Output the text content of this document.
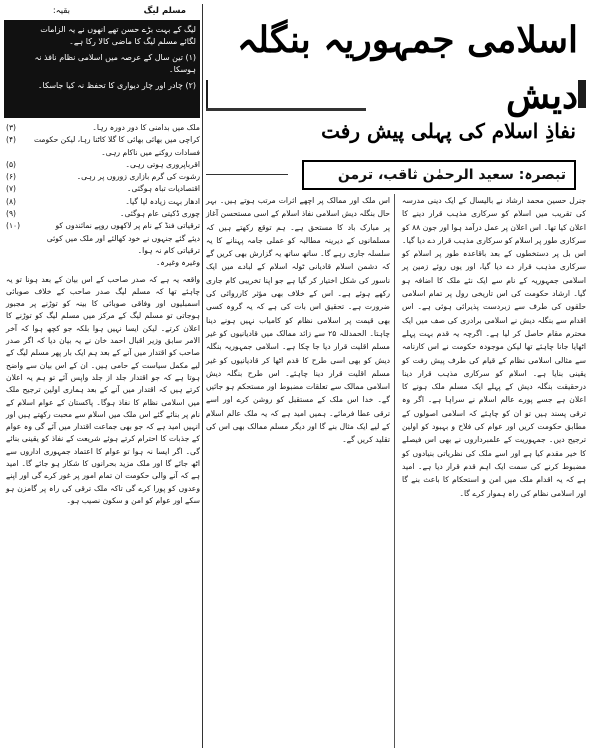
مسلم لیگ
بقیہ:

لیگ کے بہت بڑے حسن تھے انھوں نے یہ الزامات

لگائے مسلم لیگ کا ماضی کالا رکا ہے۔

(۱) تین سال کے عرصہ میں اسلامی نظام نافذ نہ ہوسکا۔

(۲) چادر اور چار دیواری کا تحفظ نہ کیا جاسکا۔

(۳)	ملک میں بدامنی کا دور دورہ رہا۔

(۴)	کراچی میں بھائی بھائی کا گلا کاٹنا رہا، لیکن حکومت

فسادات روکنے میں ناکام رہی۔

(۵)	اقرباپروری ہوتی رہی۔

(۶)	رشوت کی گرم بازاری زوروں پر رہی۔

(۷)	اقتصادیات تباہ ہوگئی۔

(۸)	ادھار بہت زیادہ لیا گیا۔

(۹)	چوری ڈکیتی عام ہوگئی۔

(۱۰)	ترقیاتی فنڈ کے نام پر لاکھوں روپے نمائندوں کو

دیئے گئے جنہوں نے خود کھالئے اور ملک میں کوئی ترقیاتی کام نہ ہوا۔

وغیرہ وغیرہ۔

واقعہ یہ ہے کہ صدر صاحب کے اس بیان کے بعد ہونا تو یہ چاہئے تھا کہ مسلم لیگ صدر صاحب کے خلاف صوبائی اسمبلیوں اور وفاقی صوبائی کا بینہ کو توڑنے پر مجبور ہوجاتی تو مسلم لیگ کے مرکز میں مسلم لیگ کو توڑنے کا اعلان کرتے۔ لیکن ایسا نہیں ہوا بلکہ جو کچھ ہوا کہ آخر الامر سابق وزیر اقبال احمد خان نے یہ بیان دیا کہ اگر صدر صاحب کو اقتدار میں آنے کے بعد ہم ایک بار پھر مسلم لیگ کے لیے مکمل سیاست کے حامی ہیں۔ ان کے اس بیان سے واضح ہوتا ہے کہ جو اقتدار جلد از جلد واپس آئے تو ہم یہ اعلان کرتے ہیں کہ اقتدار میں آنے کے بعد ہماری اولین ترجیح ملک میں اسلامی نظام کا نفاذ ہوگا۔ پاکستان کے عوام اسلام کے نام پر بنائے گئے اس ملک میں اسلام سے محبت رکھتے ہیں اور انہیں امید ہے کہ جو بھی جماعت اقتدار میں آئے گی وہ عوام کے جذبات کا احترام کرتے ہوئے شریعت کے نفاذ کو یقینی بنائے گی۔ اگر ایسا نہ ہوا تو عوام کا اعتماد جمہوری اداروں سے اٹھ جائے گا اور ملک مزید بحرانوں کا شکار ہو جائے گا۔ امید ہے کہ آنے والی حکومت ان تمام امور پر غور کرے گی اور اپنے وعدوں کو پورا کرے گی تاکہ ملک ترقی کی راہ پر گامزن ہو سکے اور عوام کو امن و سکون نصیب ہو۔

اسلامی جمہوریہ بنگلہ دیش
نفاذِ اسلام کی پہلی پیش رفت
تبصرہ: سعید الرحمٰن ثاقب، ترمن

جنرل حسین محمد ارشاد نے بالیسال کے ایک دینی مدرسہ کی تقریب میں اسلام کو سرکاری مذہب قرار دینے کا اعلان کیا تھا۔ اس اعلان پر عمل درآمد ہوا اور جون ۸۸ کو سرکاری طور پر اسلام کو سرکاری مذہب قرار دے دیا گیا۔ اس بل پر دستخطوں کے بعد باقاعدہ طور پر اسلام کو سرکاری مذہب قرار دے دیا گیا، اور یوں روئے زمین پر اسلامی جمہوریہ کے نام سے ایک نئے ملک کا اضافہ ہو گیا۔ ارشاد حکومت کی اس تاریخی رول پر تمام اسلامی حلقوں کی طرف سے زبردست پذیرائی ہوئی ہے۔ اس اقدام سے بنگلہ دیش نے اسلامی برادری کی صف میں ایک محترم مقام حاصل کر لیا ہے۔ اگرچہ یہ قدم بہت پہلے اٹھایا جانا چاہئے تھا لیکن موجودہ حکومت نے اس کارنامہ سے مثالی اسلامی نظام کے قیام کی طرف پیش رفت کو یقینی بنایا ہے۔ اسلام کو سرکاری مذہب قرار دینا درحقیقت بنگلہ دیش کے پہلے ایک مسلم ملک ہونے کا اعلان ہے جسے پورے عالم اسلام نے سراہا ہے۔ اگر وہ ترقی پسند ہیں تو ان کو چاہئے کہ اسلامی اصولوں کے مطابق حکومت کریں اور عوام کی فلاح و بہبود کو اولین ترجیح دیں۔ جمہوریت کے علمبرداروں نے بھی اس فیصلے کا خیر مقدم کیا ہے اور اسے ملک کی نظریاتی بنیادوں کو مضبوط کرنے کی سمت ایک اہم قدم قرار دیا ہے۔ امید ہے کہ یہ اقدام ملک میں امن و استحکام کا باعث بنے گا اور اسلامی نظام کی راہ ہموار کرے گا۔

اس ملک اور ممالک پر اچھے اثرات مرتب ہوتے ہیں۔ بہر حال بنگلہ دیش اسلامی نفاذ اسلام کے اسی مستحسن آغاز پر مبارک باد کا مستحق ہے۔ ہم توقع رکھتے ہیں کہ مسلمانوں کے دیرینہ مطالبہ کو عملی جامہ پہنانے کا یہ سلسلہ جاری رہے گا۔ ساتھ ساتھ یہ گزارش بھی کریں گے کہ دشمن اسلام قادیانی ٹولہ اسلام کے لبادے میں ایک ناسور کی شکل اختیار کر گیا ہے جو اپنا تخریبی کام جاری رکھے ہوئے ہے۔ اس کے خلاف بھی مؤثر کارروائی کی ضرورت ہے۔ تحقیق اس بات کی ہے کہ یہ گروہ کسی بھی قیمت پر اسلامی نظام کو کامیاب نہیں ہونے دینا چاہتا۔ الحمدللہ ۲۵ سے زائد ممالک میں قادیانیوں کو غیر مسلم اقلیت قرار دیا جا چکا ہے۔ اسلامی جمہوریہ بنگلہ دیش کو بھی اسی طرح کا قدم اٹھا کر قادیانیوں کو غیر مسلم اقلیت قرار دینا چاہئے۔ اس طرح بنگلہ دیش اسلامی ممالک سے تعلقات مضبوط اور مستحکم ہو جائیں گے۔ خدا اس ملک کے مستقبل کو روشن کرے اور اسے ترقی عطا فرمائے۔ ہمیں امید ہے کہ یہ ملک عالم اسلام کے لیے ایک مثال بنے گا اور دیگر مسلم ممالک بھی اس کی تقلید کریں گے۔
